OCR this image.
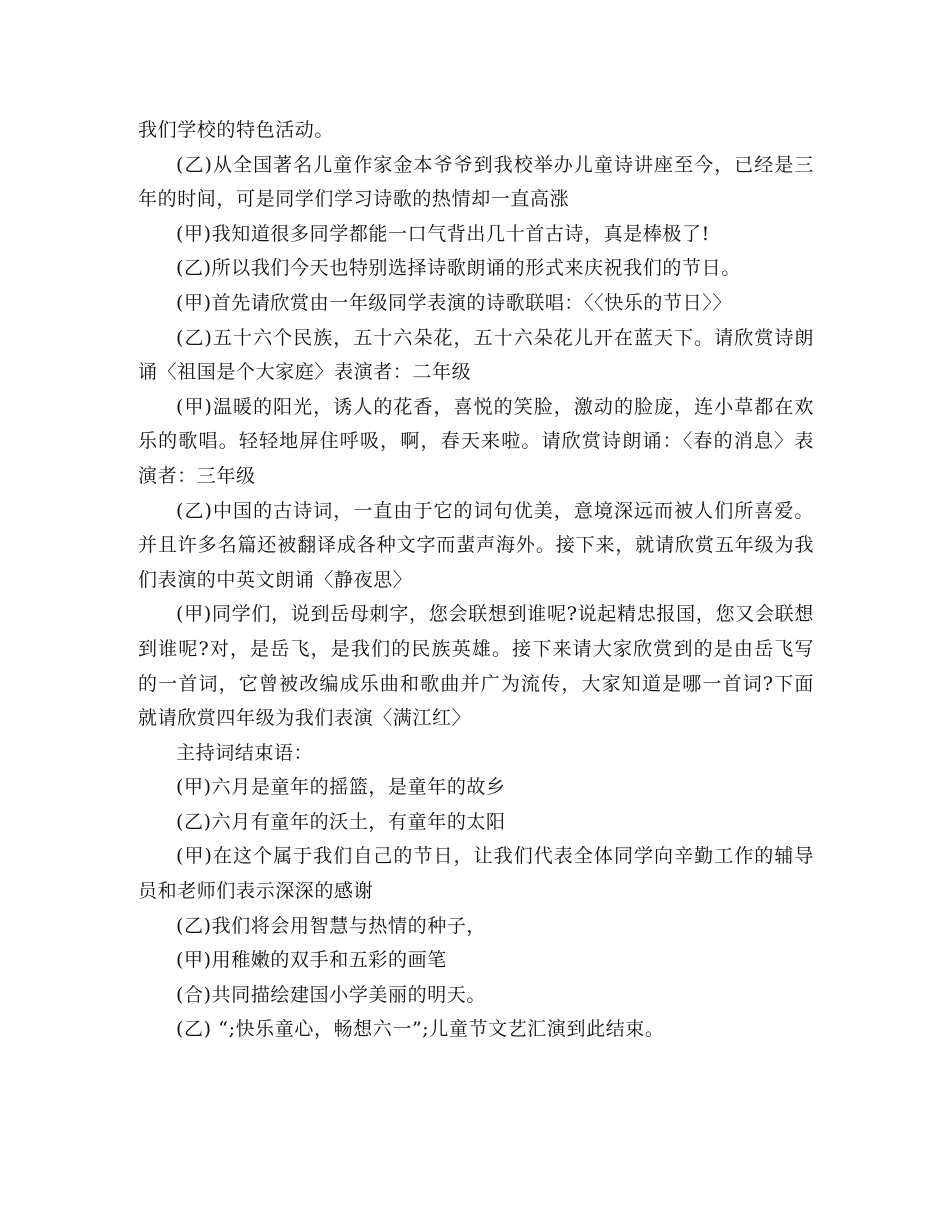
我们学校的特色活动。

(乙)从全国著名儿童作家金本爷爷到我校举办儿童诗讲座至今，已经是三年的时间，可是同学们学习诗歌的热情却一直高涨

(甲)我知道很多同学都能一口气背出几十首古诗，真是棒极了!

(乙)所以我们今天也特别选择诗歌朗诵的形式来庆祝我们的节日。

(甲)首先请欣赏由一年级同学表演的诗歌联唱：〈〈快乐的节日〉〉

(乙)五十六个民族，五十六朵花，五十六朵花儿开在蓝天下。请欣赏诗朗诵〈祖国是个大家庭〉表演者：二年级

(甲)温暖的阳光，诱人的花香，喜悦的笑脸，激动的脸庞，连小草都在欢乐的歌唱。轻轻地屏住呼吸，啊，春天来啦。请欣赏诗朗诵：〈春的消息〉表演者：三年级

(乙)中国的古诗词，一直由于它的词句优美，意境深远而被人们所喜爱。并且许多名篇还被翻译成各种文字而蜚声海外。接下来，就请欣赏五年级为我们表演的中英文朗诵〈静夜思〉

(甲)同学们，说到岳母刺字，您会联想到谁呢?说起精忠报国，您又会联想到谁呢?对，是岳飞，是我们的民族英雄。接下来请大家欣赏到的是由岳飞写的一首词，它曾被改编成乐曲和歌曲并广为流传，大家知道是哪一首词?下面就请欣赏四年级为我们表演〈满江红〉

主持词结束语：

(甲)六月是童年的摇篮，是童年的故乡

(乙)六月有童年的沃土，有童年的太阳

(甲)在这个属于我们自己的节日，让我们代表全体同学向辛勤工作的辅导员和老师们表示深深的感谢

(乙)我们将会用智慧与热情的种子，

(甲)用稚嫩的双手和五彩的画笔

(合)共同描绘建国小学美丽的明天。

(乙) “;快乐童心，畅想六一”;儿童节文艺汇演到此结束。
